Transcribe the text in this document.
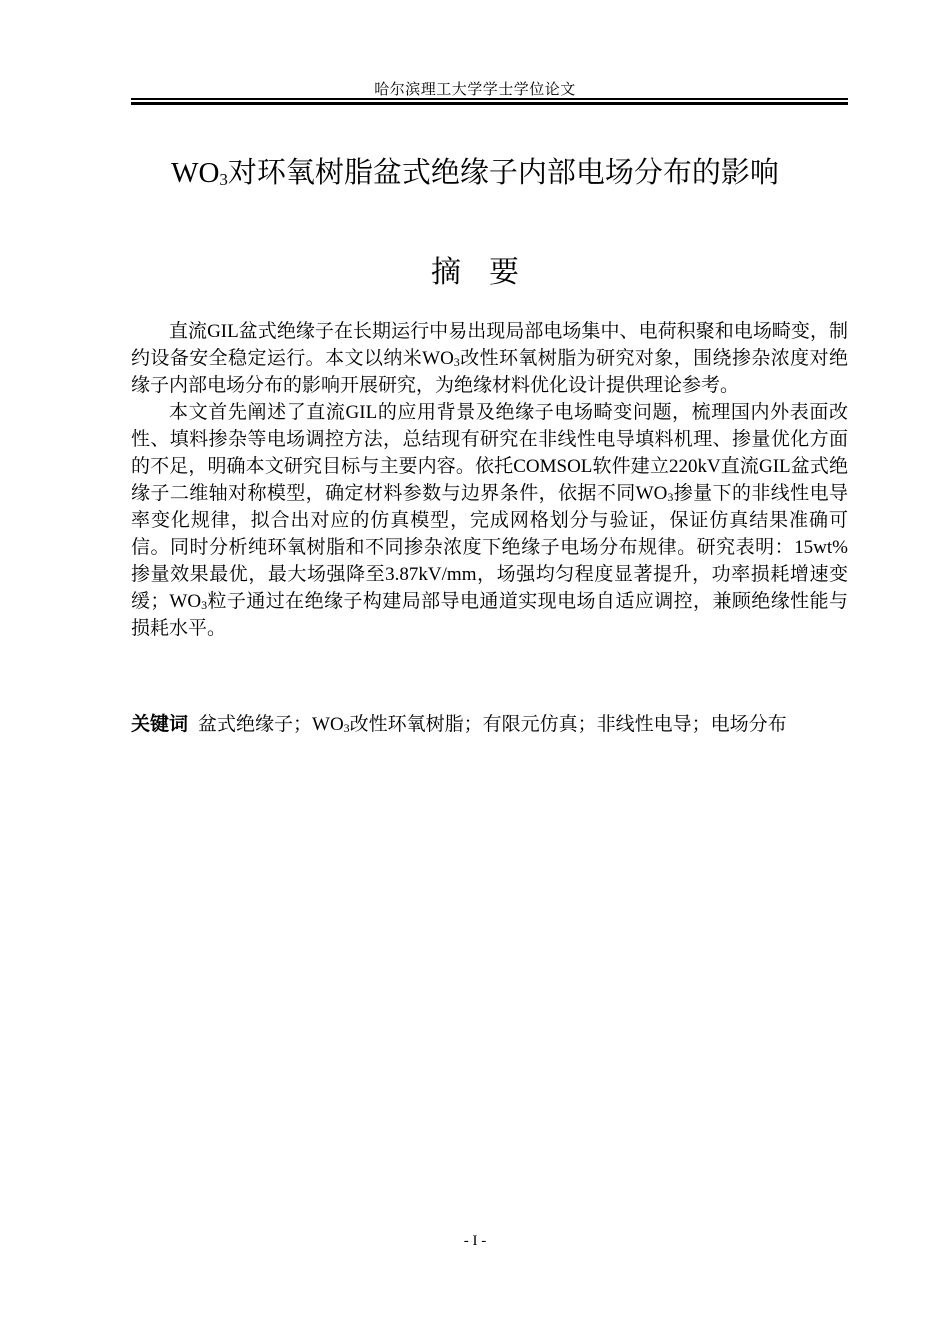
哈尔滨理工大学学士学位论文
$WO_3$对环氧树脂盆式绝缘子内部电场分布的影响
摘要

直流GIL盆式绝缘子在长期运行中易出现局部电场集中、电荷积聚和电场畸变，制约设备安全稳定运行。本文以纳米$WO_3$改性环氧树脂为研究对象，围绕掺杂浓度对绝缘子内部电场分布的影响开展研究，为绝缘材料优化设计提供理论参考。

本文首先阐述了直流GIL的应用背景及绝缘子电场畸变问题，梳理国内外表面改性、填料掺杂等电场调控方法，总结现有研究在非线性电导填料机理、掺量优化方面的不足，明确本文研究目标与主要内容。依托COMSOL软件建立220kV直流GIL盆式绝缘子二维轴对称模型，确定材料参数与边界条件，依据不同$WO_3$掺量下的非线性电导率变化规律，拟合出对应的仿真模型，完成网格划分与验证，保证仿真结果准确可信。同时分析纯环氧树脂和不同掺杂浓度下绝缘子电场分布规律。研究表明：15wt%掺量效果最优，最大场强降至3.87kV/mm，场强均匀程度显著提升，功率损耗增速变缓；$WO_3$粒子通过在绝缘子构建局部导电通道实现电场自适应调控，兼顾绝缘性能与损耗水平。

关键词 盆式绝缘子；$WO_3$改性环氧树脂；有限元仿真；非线性电导；电场分布
- I -
